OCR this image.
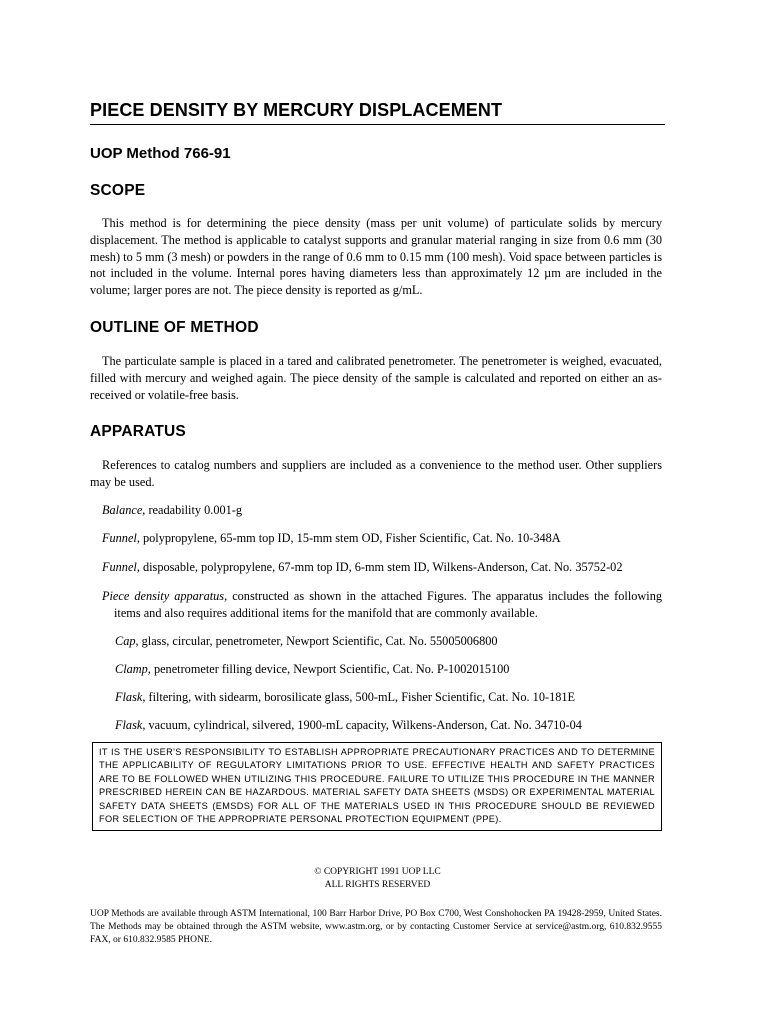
PIECE DENSITY BY MERCURY DISPLACEMENT
UOP Method 766-91
SCOPE
This method is for determining the piece density (mass per unit volume) of particulate solids by mercury displacement. The method is applicable to catalyst supports and granular material ranging in size from 0.6 mm (30 mesh) to 5 mm (3 mesh) or powders in the range of 0.6 mm to 0.15 mm (100 mesh). Void space between particles is not included in the volume. Internal pores having diameters less than approximately 12 µm are included in the volume; larger pores are not. The piece density is reported as g/mL.
OUTLINE OF METHOD
The particulate sample is placed in a tared and calibrated penetrometer. The penetrometer is weighed, evacuated, filled with mercury and weighed again. The piece density of the sample is calculated and reported on either an as-received or volatile-free basis.
APPARATUS
References to catalog numbers and suppliers are included as a convenience to the method user. Other suppliers may be used.
Balance, readability 0.001-g
Funnel, polypropylene, 65-mm top ID, 15-mm stem OD, Fisher Scientific, Cat. No. 10-348A
Funnel, disposable, polypropylene, 67-mm top ID, 6-mm stem ID, Wilkens-Anderson, Cat. No. 35752-02
Piece density apparatus, constructed as shown in the attached Figures. The apparatus includes the following items and also requires additional items for the manifold that are commonly available.
Cap, glass, circular, penetrometer, Newport Scientific, Cat. No. 55005006800
Clamp, penetrometer filling device, Newport Scientific, Cat. No. P-1002015100
Flask, filtering, with sidearm, borosilicate glass, 500-mL, Fisher Scientific, Cat. No. 10-181E
Flask, vacuum, cylindrical, silvered, 1900-mL capacity, Wilkens-Anderson, Cat. No. 34710-04
IT IS THE USER'S RESPONSIBILITY TO ESTABLISH APPROPRIATE PRECAUTIONARY PRACTICES AND TO DETERMINE THE APPLICABILITY OF REGULATORY LIMITATIONS PRIOR TO USE. EFFECTIVE HEALTH AND SAFETY PRACTICES ARE TO BE FOLLOWED WHEN UTILIZING THIS PROCEDURE. FAILURE TO UTILIZE THIS PROCEDURE IN THE MANNER PRESCRIBED HEREIN CAN BE HAZARDOUS. MATERIAL SAFETY DATA SHEETS (MSDS) OR EXPERIMENTAL MATERIAL SAFETY DATA SHEETS (EMSDS) FOR ALL OF THE MATERIALS USED IN THIS PROCEDURE SHOULD BE REVIEWED FOR SELECTION OF THE APPROPRIATE PERSONAL PROTECTION EQUIPMENT (PPE).
© COPYRIGHT 1991 UOP LLC
ALL RIGHTS RESERVED
UOP Methods are available through ASTM International, 100 Barr Harbor Drive, PO Box C700, West Conshohocken PA 19428-2959, United States. The Methods may be obtained through the ASTM website, www.astm.org, or by contacting Customer Service at service@astm.org, 610.832.9555 FAX, or 610.832.9585 PHONE.
